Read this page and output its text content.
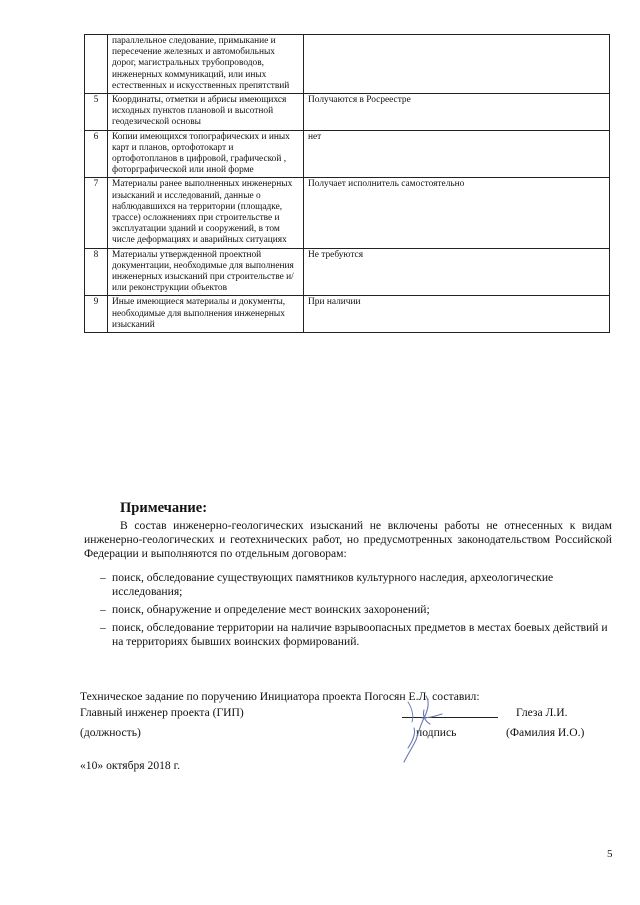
	параллельное следование, примыкание и пересечение железных и автомобильных дорог, магистральных трубопроводов, инженерных коммуникаций, или иных естественных и искусственных препятствий	
5	Координаты, отметки и абрисы имеющихся исходных пунктов плановой и высотной геодезической основы	Получаются в Росреестре
6	Копии имеющихся топографических и иных карт и планов, ортофотокарт и ортофотопланов в цифровой, графической , фоторграфической или иной форме	нет
7	Материалы ранее выполненных инженерных изысканий и исследований, данные о наблюдавшихся на территории (площадке, трассе) осложнениях при строительстве и эксплуатации зданий и сооружений, в том числе деформациях и аварийных ситуациях	Получает исполнитель самостоятельно
8	Материалы утвержденной проектной документации, необходимые для выполнения инженерных изысканий при строительстве и/или реконструкции объектов	Не требуются
9	Иные имеющиеся материалы и документы, необходимые для выполнения инженерных изысканий	При наличии
Примечание:
В состав инженерно-геологических изысканий не включены работы не отнесенных к видам инженерно-геологических и геотехнических работ, но предусмотренных законодательством Российской Федерации и выполняются по отдельным договорам:
– поиск, обследование существующих памятников культурного наследия, археологические исследования;
– поиск, обнаружение и определение мест воинских захоронений;
– поиск, обследование территории на наличие взрывоопасных предметов в местах боевых действий и на территориях бывших воинских формирований.
Техническое задание по поручению Инициатора проекта Погосян Е.Л. составил:
Главный инженер проекта (ГИП)	Глеза Л.И.
(должность)	подпись	(Фамилия И.О.)
«10» октября 2018 г.
5
